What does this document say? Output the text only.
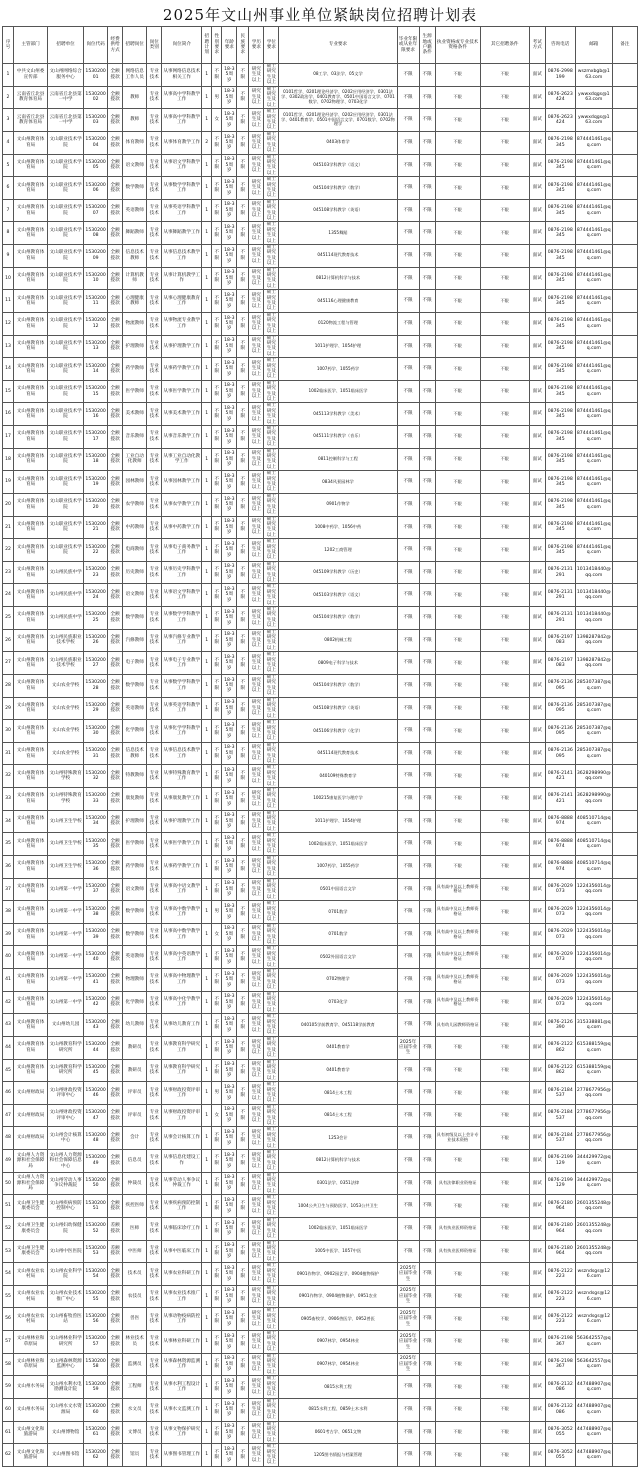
2025年文山州事业单位紧缺岗位招聘计划表
序号	主管部门	招聘单位	岗位代码	经费供给方式	招聘岗位	岗位类别	岗位简介	招聘计划	性别要求	年龄要求	民族要求	学历要求	学位要求	专业要求	毕业年限或从业年限要求	生源地或户籍条件	执业资格或专业技术资格条件	其它招聘条件	考试方式	咨询电话	邮箱	备注
1	中共文山州委宣传部	文山州网络综合服务中心	153020001	全额拨款	网络信息工作人员	专业技术	从事网络信息技术相关工作	1	不限	18-35周岁	不限	研究生及以上	硕士研究生及以上	08工学、03法学、05文学	不限	不限	不限	不限	面试	0876-2998199	wszmxbgb@163.com	
2	云南省丘北县教育体育局	云南省丘北县第一中学	153020002	全额拨款	教师	专业技术	从事高中学科教学工作	1	男	18-35周岁	不限	研究生及以上	硕士研究生及以上	0101哲学、0201理论经济学、0202应用经济学、0301法学、0302政治学、0401教育学、0501中国语言文学、0701数学、0702物理学、0703化学	不限	不限	不限	不限	面试	0876-2623424	ywwxdqgs@163.com	
3	云南省丘北县教育体育局	云南省丘北县第一中学	153020003	全额拨款	教师	专业技术	从事高中学科教学工作	1	女	18-35周岁	不限	研究生及以上	硕士研究生及以上	0101哲学、0201理论经济学、0202应用经济学、0301法学、0401教育学、0501中国语言文学、0701数学、0702物理学	不限	不限	不限	不限	面试	0876-2623424	ywwxdqgs@163.com	
4	文山州教育体育局	文山职业技术学院	153020004	全额拨款	体育教师	专业技术	从事体育教学工作	2	不限	18-35周岁	不限	研究生及以上	硕士研究生及以上	0403体育学	不限	不限	不限	不限	面试	0876-2198345	874441461@qq.com	
5	文山州教育体育局	文山职业技术学院	153020005	全额拨款	语文教师	专业技术	从事语文学科教学工作	1	不限	18-35周岁	不限	研究生及以上	硕士研究生及以上	045103学科教学（语文）	不限	不限	不限	不限	面试	0876-2198345	874441461@qq.com	
6	文山州教育体育局	文山职业技术学院	153020006	全额拨款	数学教师	专业技术	从事数学学科教学工作	1	不限	18-35周岁	不限	研究生及以上	硕士研究生及以上	045104学科教学（数学）	不限	不限	不限	不限	面试	0876-2198345	874441461@qq.com	
7	文山州教育体育局	文山职业技术学院	153020007	全额拨款	英语教师	专业技术	从事英语学科教学工作	1	不限	18-35周岁	不限	研究生及以上	硕士研究生及以上	045108学科教学（英语）	不限	不限	不限	不限	面试	0876-2198345	874441461@qq.com	
8	文山州教育体育局	文山职业技术学院	153020008	全额拨款	舞蹈教师	专业技术	从事舞蹈教学工作	1	不限	18-35周岁	不限	研究生及以上	硕士研究生及以上	1355舞蹈	不限	不限	不限	不限	面试	0876-2198345	874441461@qq.com	
9	文山州教育体育局	文山职业技术学院	153020009	全额拨款	信息技术教师	专业技术	从事信息技术教学工作	1	不限	18-35周岁	不限	研究生及以上	硕士研究生及以上	045114现代教育技术	不限	不限	不限	不限	面试	0876-2198345	874441461@qq.com	
10	文山州教育体育局	文山职业技术学院	153020010	全额拨款	计算机教师	专业技术	从事计算机教学工作	1	不限	18-35周岁	不限	研究生及以上	硕士研究生及以上	0812计算机科学与技术	不限	不限	不限	不限	面试	0876-2198345	874441461@qq.com	
11	文山州教育体育局	文山职业技术学院	153020011	全额拨款	心理健康教师	专业技术	从事心理健康教育工作	1	不限	18-35周岁	不限	研究生及以上	硕士研究生及以上	045116心理健康教育	不限	不限	不限	不限	面试	0876-2198345	874441461@qq.com	
12	文山州教育体育局	文山职业技术学院	153020012	全额拨款	物流教师	专业技术	从事物流专业教学工作	1	不限	18-35周岁	不限	研究生及以上	硕士研究生及以上	0120物流工程与管理	不限	不限	不限	不限	面试	0876-2198345	874441461@qq.com	
13	文山州教育体育局	文山职业技术学院	153020013	全额拨款	护理教师	专业技术	从事护理教学工作	1	不限	18-35周岁	不限	研究生及以上	硕士研究生及以上	1011护理学、1054护理	不限	不限	不限	不限	面试	0876-2198345	874441461@qq.com	
14	文山州教育体育局	文山职业技术学院	153020014	全额拨款	药学教师	专业技术	从事药学教学工作	1	不限	18-35周岁	不限	研究生及以上	硕士研究生及以上	1007药学、1055药学	不限	不限	不限	不限	面试	0876-2198345	874441461@qq.com	
15	文山州教育体育局	文山职业技术学院	153020015	全额拨款	医学教师	专业技术	从事医学教学工作	1	不限	18-35周岁	不限	研究生及以上	硕士研究生及以上	1002临床医学、1051临床医学	不限	不限	不限	不限	面试	0876-2198345	874441461@qq.com	
16	文山州教育体育局	文山职业技术学院	153020016	全额拨款	美术教师	专业技术	从事美术教学工作	1	不限	18-35周岁	不限	研究生及以上	硕士研究生及以上	045113学科教学（美术）	不限	不限	不限	不限	面试	0876-2198345	874441461@qq.com	
17	文山州教育体育局	文山职业技术学院	153020017	全额拨款	音乐教师	专业技术	从事音乐教学工作	1	不限	18-35周岁	不限	研究生及以上	硕士研究生及以上	045111学科教学（音乐）	不限	不限	不限	不限	面试	0876-2198345	874441461@qq.com	
18	文山州教育体育局	文山职业技术学院	153020018	全额拨款	工业自动化教师	专业技术	从事工业自动化教学工作	1	不限	18-35周岁	不限	研究生及以上	硕士研究生及以上	0811控制科学与工程	不限	不限	不限	不限	面试	0876-2198345	874441461@qq.com	
19	文山州教育体育局	文山职业技术学院	153020019	全额拨款	园林教师	专业技术	从事园林教学工作	1	不限	18-35周岁	不限	研究生及以上	硕士研究生及以上	0834风景园林学	不限	不限	不限	不限	面试	0876-2198345	874441461@qq.com	
20	文山州教育体育局	文山职业技术学院	153020020	全额拨款	农学教师	专业技术	从事农学教学工作	1	不限	18-35周岁	不限	研究生及以上	硕士研究生及以上	0901作物学	不限	不限	不限	不限	面试	0876-2198345	874441461@qq.com	
21	文山州教育体育局	文山职业技术学院	153020021	全额拨款	中药教师	专业技术	从事中药教学工作	1	不限	18-35周岁	不限	研究生及以上	硕士研究生及以上	1008中药学、1056中药	不限	不限	不限	不限	面试	0876-2198345	874441461@qq.com	
22	文山州教育体育局	文山职业技术学院	153020022	全额拨款	电商教师	专业技术	从事电子商务教学工作	1	不限	18-35周岁	不限	研究生及以上	硕士研究生及以上	1202工商管理	不限	不限	不限	不限	面试	0876-2198345	874441461@qq.com	
23	文山州教育体育局	文山州民族中学	153020023	全额拨款	历史教师	专业技术	从事历史学科教学工作	1	不限	18-35周岁	不限	研究生及以上	硕士研究生及以上	045109学科教学（历史）	不限	不限	不限	不限	面试	0876-2131291	1013418440@qq.com	
24	文山州教育体育局	文山州民族中学	153020024	全额拨款	语文教师	专业技术	从事语文学科教学工作	1	不限	18-35周岁	不限	研究生及以上	硕士研究生及以上	045103学科教学（语文）	不限	不限	不限	不限	面试	0876-2131291	1013418440@qq.com	
25	文山州教育体育局	文山州民族中学	153020025	全额拨款	数学教师	专业技术	从事数学学科教学工作	1	不限	18-35周岁	不限	研究生及以上	硕士研究生及以上	045104学科教学（数学）	不限	不限	不限	不限	面试	0876-2131291	1013418440@qq.com	
26	文山州教育体育局	文山州民族职业技术学校	153020026	全额拨款	汽修教师	专业技术	从事汽修专业教学工作	1	不限	18-35周岁	不限	研究生及以上	硕士研究生及以上	0802机械工程	不限	不限	不限	不限	面试	0876-2197083	1398287842@qq.com	
27	文山州教育体育局	文山州民族职业技术学校	153020027	全额拨款	电子教师	专业技术	从事电子专业教学工作	1	不限	18-35周岁	不限	研究生及以上	硕士研究生及以上	0809电子科学与技术	不限	不限	不限	不限	面试	0876-2197083	1398287842@qq.com	
28	文山州教育体育局	文山农业学校	153020028	全额拨款	数学教师	专业技术	从事数学学科教学工作	1	不限	18-35周岁	不限	研究生及以上	硕士研究生及以上	045104学科教学（数学）	不限	不限	不限	不限	面试	0876-2136095	285307387@qq.com	
29	文山州教育体育局	文山农业学校	153020029	全额拨款	英语教师	专业技术	从事英语学科教学工作	1	不限	18-35周岁	不限	研究生及以上	硕士研究生及以上	045108学科教学（英语）	不限	不限	不限	不限	面试	0876-2136095	285307387@qq.com	
30	文山州教育体育局	文山农业学校	153020030	全额拨款	化学教师	专业技术	从事化学学科教学工作	1	不限	18-35周岁	不限	研究生及以上	硕士研究生及以上	045106学科教学（化学）	不限	不限	不限	不限	面试	0876-2136095	285307387@qq.com	
31	文山州教育体育局	文山农业学校	153020031	全额拨款	信息技术教师	专业技术	从事信息技术教学工作	1	不限	18-35周岁	不限	研究生及以上	硕士研究生及以上	045114现代教育技术	不限	不限	不限	不限	面试	0876-2136095	285307387@qq.com	
32	文山州教育体育局	文山州特殊教育学校	153020032	全额拨款	特教教师	专业技术	从事特殊教育教学工作	1	不限	18-35周岁	不限	研究生及以上	硕士研究生及以上	040109特殊教育学	不限	不限	不限	不限	面试	0876-2141421	3628298990@qq.com	
33	文山州教育体育局	文山州特殊教育学校	153020033	全额拨款	康复教师	专业技术	从事康复教学工作	1	不限	18-35周岁	不限	研究生及以上	硕士研究生及以上	100215康复医学与理疗学	不限	不限	不限	不限	面试	0876-2141421	3628298990@qq.com	
34	文山州教育体育局	文山州卫生学校	153020034	全额拨款	护理教师	专业技术	从事护理教学工作	1	不限	18-35周岁	不限	研究生及以上	硕士研究生及以上	1011护理学、1054护理	不限	不限	不限	不限	面试	0876-8888974	408510714@qq.com	
35	文山州教育体育局	文山州卫生学校	153020035	全额拨款	医学教师	专业技术	从事医学教学工作	1	不限	18-35周岁	不限	研究生及以上	硕士研究生及以上	1002临床医学、1051临床医学	不限	不限	不限	不限	面试	0876-8888974	408510714@qq.com	
36	文山州教育体育局	文山州卫生学校	153020036	全额拨款	药学教师	专业技术	从事药学教学工作	1	不限	18-35周岁	不限	研究生及以上	硕士研究生及以上	1007药学、1055药学	不限	不限	不限	不限	面试	0876-8888974	408510714@qq.com	
37	文山州教育体育局	文山州第一中学	153020037	全额拨款	语文教师	专业技术	从事高中语文教学工作	1	不限	18-35周岁	不限	研究生及以上	硕士研究生及以上	0501中国语言文学	不限	不限	具有高中及以上教师资格证	不限	面试	0876-2029073	1224356014@qq.com	
38	文山州教育体育局	文山州第一中学	153020038	全额拨款	数学教师	专业技术	从事高中数学教学工作	1	男	18-35周岁	不限	研究生及以上	硕士研究生及以上	0701数学	不限	不限	具有高中及以上教师资格证	不限	面试	0876-2029073	1224356014@qq.com	
39	文山州教育体育局	文山州第一中学	153020039	全额拨款	数学教师	专业技术	从事高中数学教学工作	1	女	18-35周岁	不限	研究生及以上	硕士研究生及以上	0701数学	不限	不限	具有高中及以上教师资格证	不限	面试	0876-2029073	1224356014@qq.com	
40	文山州教育体育局	文山州第一中学	153020040	全额拨款	英语教师	专业技术	从事高中英语教学工作	1	不限	18-35周岁	不限	研究生及以上	硕士研究生及以上	0502外国语言文学	不限	不限	具有高中及以上教师资格证	不限	面试	0876-2029073	1224356014@qq.com	
41	文山州教育体育局	文山州第一中学	153020041	全额拨款	物理教师	专业技术	从事高中物理教学工作	1	不限	18-35周岁	不限	研究生及以上	硕士研究生及以上	0702物理学	不限	不限	具有高中及以上教师资格证	不限	面试	0876-2029073	1224356014@qq.com	
42	文山州教育体育局	文山州第一中学	153020042	全额拨款	化学教师	专业技术	从事高中化学教学工作	1	不限	18-35周岁	不限	研究生及以上	硕士研究生及以上	0703化学	不限	不限	具有高中及以上教师资格证	不限	面试	0876-2029073	1224356014@qq.com	
43	文山州教育体育局	文山州幼儿园	153020043	全额拨款	幼儿教师	专业技术	从事幼儿教育工作	1	不限	18-35周岁	不限	研究生及以上	硕士研究生及以上	040105学前教育学、045118学前教育	不限	不限	具有幼儿园教师资格证	不限	面试	0876-2126390	315338881@qq.com	
44	文山州教育体育局	文山州教育科学研究所	153020044	全额拨款	教研员	专业技术	从事教育科学研究工作	1	不限	18-35周岁	不限	研究生及以上	硕士研究生及以上	0401教育学	2025年应届毕业生	不限	不限	不限	面试	0876-2122862	615388159@qq.com	
45	文山州教育体育局	文山州教育科学研究所	153020045	全额拨款	教研员	专业技术	从事教育科学研究工作	1	不限	18-35周岁	不限	研究生及以上	硕士研究生及以上	0401教育学	不限	不限	不限	不限	面试	0876-2122862	615388159@qq.com	
46	文山州财政局	文山州财政投资评审中心	153020046	全额拨款	评审员	专业技术	从事财政投资评审工作	1	男	18-35周岁	不限	研究生及以上	硕士研究生及以上	0814土木工程	不限	不限	不限	不限	面试	0876-2184537	2778677956@qq.com	
47	文山州财政局	文山州财政投资评审中心	153020047	全额拨款	评审员	专业技术	从事财政投资评审工作	1	女	18-35周岁	不限	研究生及以上	硕士研究生及以上	0814土木工程	不限	不限	不限	不限	面试	0876-2184537	2778677956@qq.com	
48	文山州财政局	文山州会计核算中心	153020048	全额拨款	会计	专业技术	从事会计核算工作	1	不限	18-35周岁	不限	研究生及以上	硕士研究生及以上	1253会计	不限	不限	具有初级及以上会计专业技术资格	不限	面试	0876-2184537	2778677956@qq.com	
49	文山州人力资源和社会保障局	文山州人力资源和社会保障信息中心	153020049	全额拨款	信息员	专业技术	从事信息化建设工作	1	不限	18-35周岁	不限	研究生及以上	硕士研究生及以上	0812计算机科学与技术	不限	不限	不限	不限	面试	0876-2199129	344429972@qq.com	
50	文山州人力资源和社会保障局	文山州劳动人事争议仲裁院	153020050	全额拨款	仲裁员	专业技术	从事劳动人事争议仲裁工作	1	不限	18-35周岁	不限	研究生及以上	硕士研究生及以上	0301法学、0351法律	不限	不限	具有法律职业资格证	不限	面试	0876-2199129	344429972@qq.com	
51	文山州卫生健康委员会	文山州疾病预防控制中心	153020051	全额拨款	疾控医师	专业技术	从事疾病预防控制工作	1	不限	18-35周岁	不限	研究生及以上	硕士研究生及以上	1004公共卫生与预防医学、1053公共卫生	不限	不限	不限	不限	面试	0876-2180964	2601355248@qq.com	
52	文山州卫生健康委员会	文山州妇幼保健院	153020052	差额拨款	医师	专业技术	从事临床诊疗工作	1	不限	18-35周岁	不限	研究生及以上	硕士研究生及以上	1002临床医学、1051临床医学	不限	不限	具有执业医师资格证	不限	面试	0876-2180964	2601355248@qq.com	
53	文山州卫生健康委员会	文山州中医医院	153020053	差额拨款	中医师	专业技术	从事中医临床工作	1	不限	18-35周岁	不限	研究生及以上	硕士研究生及以上	1005中医学、1057中医	不限	不限	具有执业医师资格证	不限	面试	0876-2180964	2601355248@qq.com	
54	文山州农业农村局	文山州农业科学院	153020054	全额拨款	技术员	专业技术	从事农业科研工作	1	不限	18-35周岁	不限	研究生及以上	硕士研究生及以上	0901作物学、0902园艺学、0904植物保护	2025年应届毕业生	不限	不限	不限	面试	0876-2122223	wszndsgs@126.com	
55	文山州农业农村局	文山州农业技术推广中心	153020055	全额拨款	农技员	专业技术	从事农业技术推广工作	1	不限	18-35周岁	不限	研究生及以上	硕士研究生及以上	0901作物学、0904植物保护、0951农业	2025年应届毕业生	不限	不限	不限	面试	0876-2122223	wszndsgs@126.com	
56	文山州农业农村局	文山州畜牧兽医站	153020056	全额拨款	兽医	专业技术	从事动物疫病防控工作	1	不限	18-35周岁	不限	研究生及以上	硕士研究生及以上	0905畜牧学、0906兽医学、0952兽医	2025年应届毕业生	不限	不限	不限	面试	0876-2122223	wszndsgs@126.com	
57	文山州林业和草原局	文山州林业科学研究所	153020057	全额拨款	林业技术员	专业技术	从事林业科研工作	1	不限	18-35周岁	不限	研究生及以上	硕士研究生及以上	0907林学、0954林业	2025年应届毕业生	不限	不限	不限	面试	0876-2198367	563642557@qq.com	
58	文山州林业和草原局	文山州森林资源监测中心	153020058	全额拨款	监测员	专业技术	从事森林资源监测工作	1	不限	18-35周岁	不限	研究生及以上	硕士研究生及以上	0907林学、0954林业	2025年应届毕业生	不限	不限	不限	面试	0876-2198367	563642557@qq.com	
59	文山州水务局	文山州水利水电勘测设计院	153020059	全额拨款	工程师	专业技术	从事水利工程设计工作	1	不限	18-35周岁	不限	研究生及以上	硕士研究生及以上	0815水利工程	不限	不限	不限	不限	面试	0876-2132086	447488907@qq.com	
60	文山州水务局	文山州水文水资源局	153020060	全额拨款	水文员	专业技术	从事水文监测工作	1	不限	18-35周岁	不限	研究生及以上	硕士研究生及以上	0815水利工程、0859土木水利	不限	不限	不限	不限	面试	0876-2132086	447488907@qq.com	
61	文山州文化和旅游局	文山州博物馆	153020061	全额拨款	文博员	专业技术	从事文物保护研究工作	1	不限	18-35周岁	不限	研究生及以上	硕士研究生及以上	0601考古学、0651文物	不限	不限	不限	不限	面试	0876-3052055	447488907@qq.com	
62	文山州文化和旅游局	文山州图书馆	153020062	全额拨款	馆员	专业技术	从事图书管理工作	1	不限	18-35周岁	不限	研究生及以上	硕士研究生及以上	1205图书情报与档案管理	不限	不限	不限	不限	面试	0876-3052055	447488907@qq.com	
